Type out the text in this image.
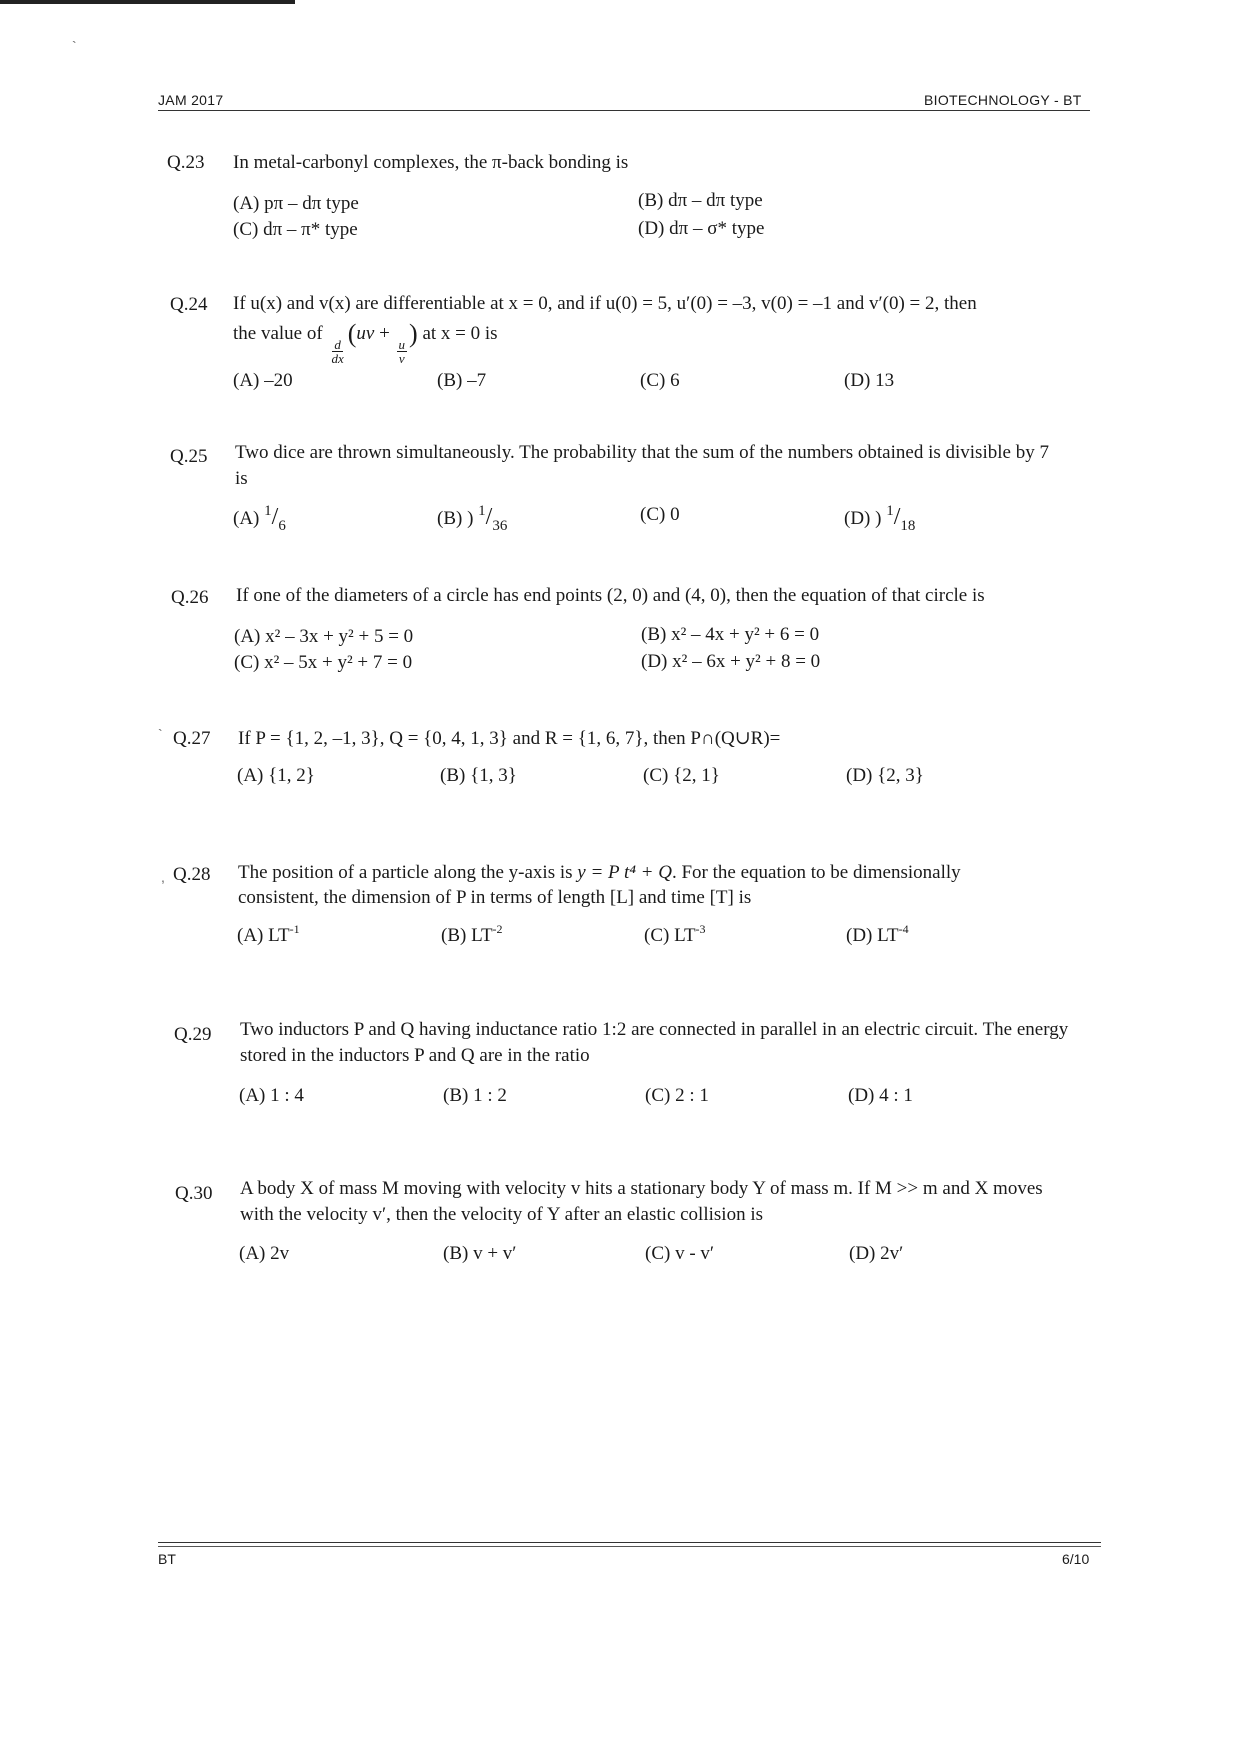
`
JAM 2017	BIOTECHNOLOGY - BT
Q.23 In metal-carbonyl complexes, the π-back bonding is
(A) pπ – dπ type	(B) dπ – dπ type
(C) dπ – π* type	(D) dπ – σ* type
Q.24 If u(x) and v(x) are differentiable at x = 0, and if u(0) = 5, u′(0) = –3, v(0) = –1 and v′(0) = 2, then
the value of
$\frac{d}{dx}$
(uv +
$\frac{u}{v}$
) at x = 0 is
(A) –20	(B) –7	(C) 6	(D) 13
Q.25 Two dice are thrown simultaneously. The probability that the sum of the numbers obtained is divisible by 7 is
(A) $^1/_6$	(B) ) $^1/_{36}$
(C) 0	(D) ) $^1/_{18}$
Q.26 If one of the diameters of a circle has end points (2, 0) and (4, 0), then the equation of that circle is
(A) x² – 3x + y² + 5 = 0	(B) x² – 4x + y² + 6 = 0
(C) x² – 5x + y² + 7 = 0	(D) x² – 6x + y² + 8 = 0
` Q.27 If P = {1, 2, –1, 3}, Q = {0, 4, 1, 3} and R = {1, 6, 7}, then P∩(Q∪R)=
(A) {1, 2}	(B) {1, 3}	(C) {2, 1}	(D) {2, 3}
, Q.28 The position of a particle along the y-axis is y = P t⁴ + Q. For the equation to be dimensionally
consistent, the dimension of P in terms of length [L] and time [T] is
(A) $LT^{-1}$	(B) $LT^{-2}$	(C) $LT^{-3}$	(D) $LT^{-4}$
Q.29 Two inductors P and Q having inductance ratio 1:2 are connected in parallel in an electric circuit. The energy stored in the inductors P and Q are in the ratio
(A) 1 : 4	(B) 1 : 2	(C) 2 : 1	(D) 4 : 1
Q.30 A body X of mass M moving with velocity v hits a stationary body Y of mass m. If M >> m and X moves with the velocity v′, then the velocity of Y after an elastic collision is
(A) 2v	(B) v + v′	(C) v - v′	(D) 2v′
BT	6/10
